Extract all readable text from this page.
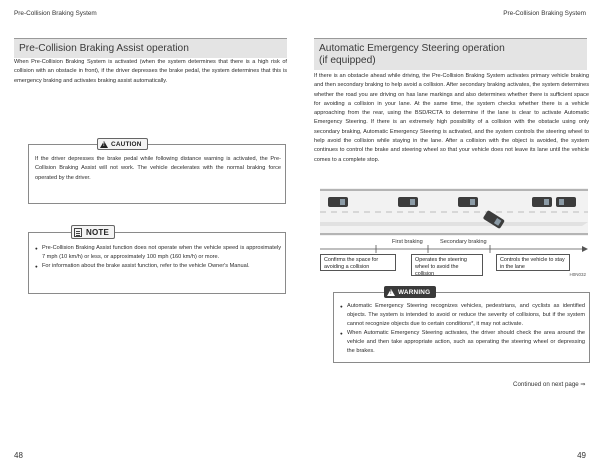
Pre-Collision Braking System
Pre-Collision Braking Assist operation

When Pre-Collision Braking System is activated (when the system determines that there is a high risk of collision with an obstacle in front), if the driver depresses the brake pedal, the system determines that this is emergency braking and activates braking assist automatically.

!
CAUTION

If the driver depresses the brake pedal while following distance warning is activated, the Pre-Collision Braking Assist will not work. The vehicle decelerates with the normal braking force operated by the driver.

NOTE
● Pre-Collision Braking Assist function does not operate when the vehicle speed is approximately 7 mph (10 km/h) or less, or approximately 100 mph (160 km/h) or more.
● For information about the brake assist function, refer to the vehicle Owner's Manual.
48
Pre-Collision Braking System
Automatic Emergency Steering operation
(if equipped)

If there is an obstacle ahead while driving, the Pre-Collision Braking System activates primary vehicle braking and then secondary braking to help avoid a collision. After secondary braking activates, the system determines whether the road you are driving on has lane markings and also determines whether there is sufficient space for avoiding a collision in your lane. At the same time, the system checks whether there is a vehicle approaching from the rear, using the BSD/RCTA to determine if the lane is clear to activate Automatic Emergency Steering. If there is an extremely high possibility of a collision with the obstacle using only secondary braking, Automatic Emergency Steering is activated, and the system controls the steering wheel to help avoid the collision while staying in the lane. After a collision with the object is avoided, the system continues to control the brake and steering wheel so that your vehicle does not leave its lane until the vehicle comes to a complete stop.

49
First braking	Secondary braking
Confirms the space for avoiding a collision
Operates the steering wheel to avoid the collision
Controls the vehicle to stay in the lane
H0N032
!
WARNING
● Automatic Emergency Steering recognizes vehicles, pedestrians, and cyclists as identified objects. The system is intended to avoid or reduce the severity of collisions, but if the system cannot recognize objects due to certain conditions*, it may not activate.
● When Automatic Emergency Steering activates, the driver should check the area around the vehicle and then take appropriate action, such as operating the steering wheel or depressing the brakes.
Continued on next page ⇒
